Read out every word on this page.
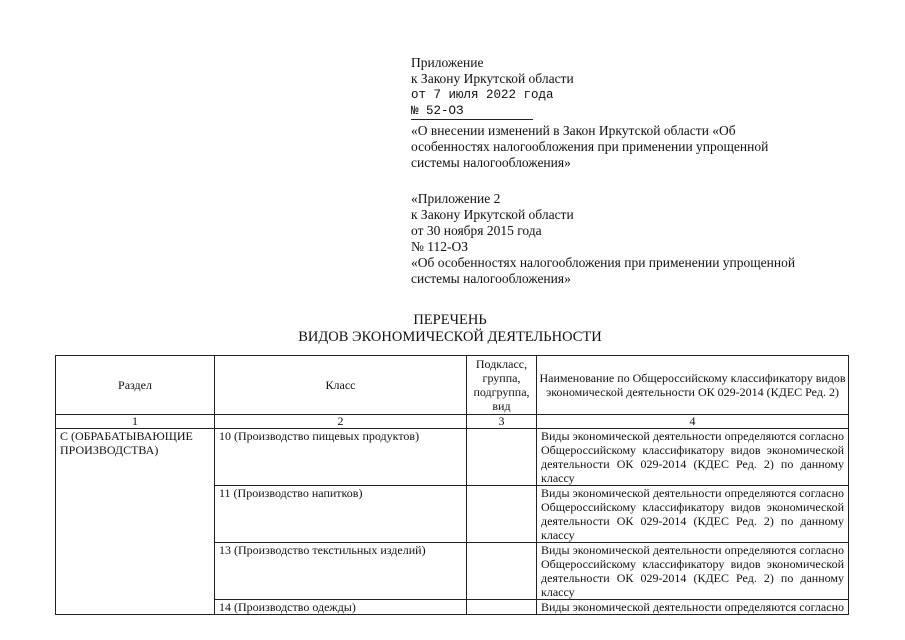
Приложение
к Закону Иркутской области
от 7 июля 2022 года
№ 52-ОЗ
«О внесении изменений в Закон Иркутской области «Об
особенностях налогообложения при применении упрощенной
системы налогообложения»
«Приложение 2
к Закону Иркутской области
от 30 ноября 2015 года
№ 112-ОЗ
«Об особенностях налогообложения при применении упрощенной
системы налогообложения»
ПЕРЕЧЕНЬ
ВИДОВ ЭКОНОМИЧЕСКОЙ ДЕЯТЕЛЬНОСТИ
Раздел	Класс	Подкласс, группа, подгруппа, вид	Наименование по Общероссийскому классификатору видов экономической деятельности ОК 029-2014 (КДЕС Ред. 2)
1	2	3	4
С (ОБРАБАТЫВАЮЩИЕ ПРОИЗВОДСТВА)	10 (Производство пищевых продуктов)		Виды экономической деятельности определяются согласно Общероссийскому классификатору видов экономической
деятельности ОК 029-2014 (КДЕС Ред. 2) по данному классу

	11 (Производство напитков)		Виды экономической деятельности определяются согласно Общероссийскому классификатору видов экономической
деятельности ОК 029-2014 (КДЕС Ред. 2) по данному классу

	13 (Производство текстильных изделий)		Виды экономической деятельности определяются согласно Общероссийскому классификатору видов экономической
деятельности ОК 029-2014 (КДЕС Ред. 2) по данному классу

	14 (Производство одежды)		Виды экономической деятельности определяются согласно
